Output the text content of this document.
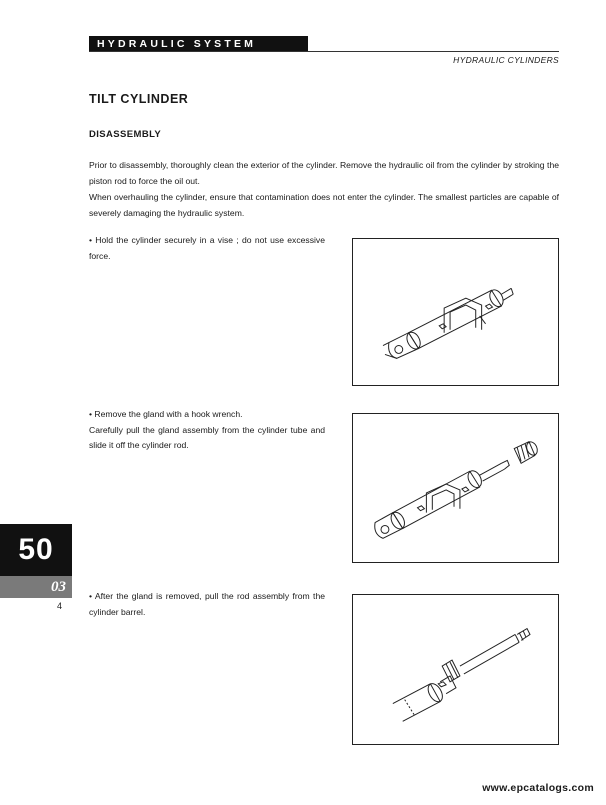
HYDRAULIC SYSTEM
HYDRAULIC CYLINDERS
TILT CYLINDER
DISASSEMBLY

Prior to disassembly, thoroughly clean the exterior of the cylinder. Remove the hydraulic oil from the cylinder by stroking the piston rod to force the oil out.

When overhauling the cylinder, ensure that contamination does not enter the cylinder. The smallest particles are capable of severely damaging the hydraulic system.

• Hold the cylinder securely in a vise ; do not use excessive force.

• Remove the gland with a hook wrench.

Carefully pull the gland assembly from the cylinder tube and slide it off the cylinder rod.

• After the gland is removed, pull the rod assembly from the cylinder barrel.

50
03
4
www.epcatalogs.com
